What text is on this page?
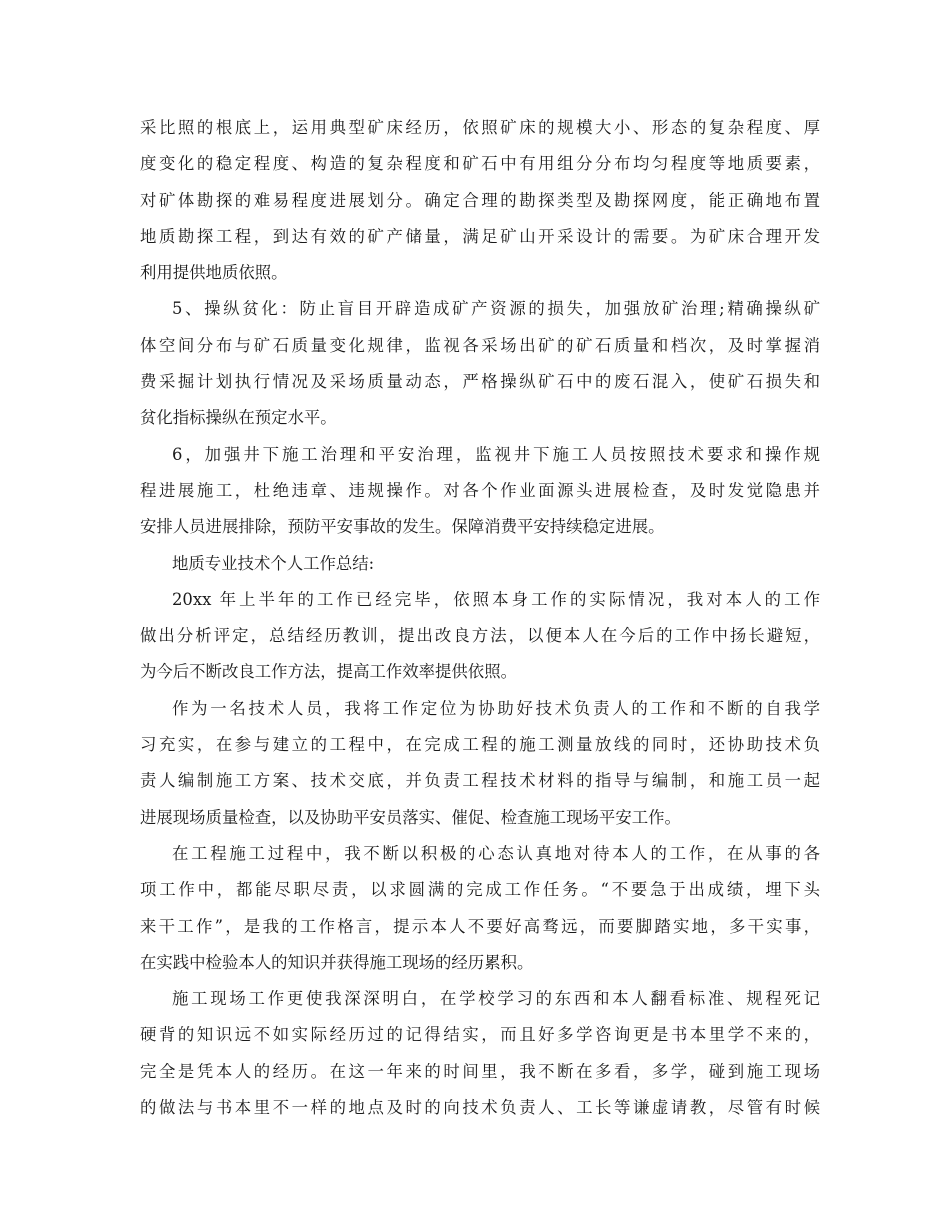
采比照的根底上，运用典型矿床经历，依照矿床的规模大小、形态的复杂程度、厚
度变化的稳定程度、构造的复杂程度和矿石中有用组分分布均匀程度等地质要素，
对矿体勘探的难易程度进展划分。确定合理的勘探类型及勘探网度，能正确地布置
地质勘探工程，到达有效的矿产储量，满足矿山开采设计的需要。为矿床合理开发
利用提供地质依照。
5、操纵贫化：防止盲目开辟造成矿产资源的损失，加强放矿治理;精确操纵矿
体空间分布与矿石质量变化规律，监视各采场出矿的矿石质量和档次，及时掌握消
费采掘计划执行情况及采场质量动态，严格操纵矿石中的废石混入，使矿石损失和
贫化指标操纵在预定水平。
6，加强井下施工治理和平安治理，监视井下施工人员按照技术要求和操作规
程进展施工，杜绝违章、违规操作。对各个作业面源头进展检查，及时发觉隐患并
安排人员进展排除，预防平安事故的发生。保障消费平安持续稳定进展。
地质专业技术个人工作总结:
20xx 年上半年的工作已经完毕，依照本身工作的实际情况，我对本人的工作
做出分析评定，总结经历教训，提出改良方法，以便本人在今后的工作中扬长避短，
为今后不断改良工作方法，提高工作效率提供依照。
作为一名技术人员，我将工作定位为协助好技术负责人的工作和不断的自我学
习充实，在参与建立的工程中，在完成工程的施工测量放线的同时，还协助技术负
责人编制施工方案、技术交底，并负责工程技术材料的指导与编制，和施工员一起
进展现场质量检查，以及协助平安员落实、催促、检查施工现场平安工作。
在工程施工过程中，我不断以积极的心态认真地对待本人的工作，在从事的各
项工作中，都能尽职尽责，以求圆满的完成工作任务。“不要急于出成绩，埋下头
来干工作”，是我的工作格言，提示本人不要好高骛远，而要脚踏实地，多干实事，
在实践中检验本人的知识并获得施工现场的经历累积。
施工现场工作更使我深深明白，在学校学习的东西和本人翻看标准、规程死记
硬背的知识远不如实际经历过的记得结实，而且好多学咨询更是书本里学不来的，
完全是凭本人的经历。在这一年来的时间里，我不断在多看，多学，碰到施工现场
的做法与书本里不一样的地点及时的向技术负责人、工长等谦虚请教，尽管有时候
